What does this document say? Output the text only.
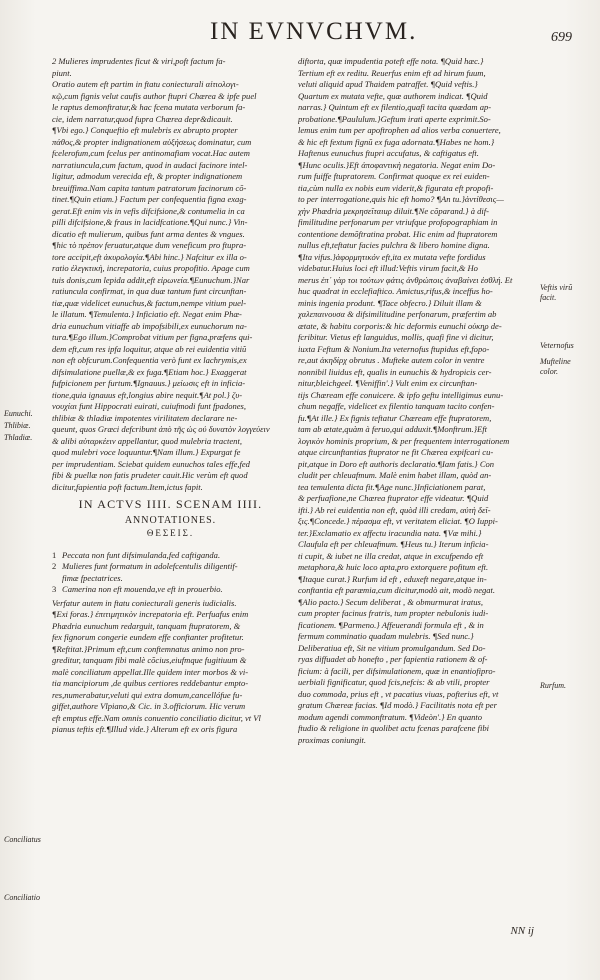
IN EVNVCHVM.	699
Eunuchi.
Thlibiæ.
Thladiæ.
Conciliatus
Conciliatio
Veftis virũ facit.
Veternofus
Mufteline color.
Rurfum.
2 Mulieres imprudentes ficut & viri,poft factum fa-
piunt.
Oratio autem eft partim in ftatu coniecturali αἰτιολογι-
κῷ,cum fignis velut caufis author ftupri Chærea & ipfe puel
le raptus demonftratur,& hac fcena mutata verborum fa-
cie, idem narratur,quod fupra Chærea depr&dicauit.
¶Vbi ego.} Conqueftio eft mulebris ex abrupto propter
πάθος,& propter indignationem αὐξήσεως dominatur, cum
fcelerofum,cum fcelus per antinomafiam vocat.Hac autem
narratiuncula,cum factum, quod in audaci facinore intel-
ligitur, admodum verecida eft, & propter indignationem
breuiffima.Nam capita tantum patratorum facinorum cõ-
tinet.¶Quin etiam.} Factum per confequentia figna exag-
gerat.Eft enim vis in vefis difcifsione,& contumelia in ca
pilli difcifsione,& fraus in lacidfcatione.¶Qui nunc.} Vin-
dicatio eft mulierum, quibus funt arma dentes & vngues.
¶hic τὸ πρέπον feruatur,atque dum veneficum pro ftupra-
tore accipit,eft ἀκυρολογία.¶Abi hinc.} Nafcitur ex illa o-
ratio ἐλεγκτικὴ, increpatoria, cuius propofitio. Apage cum
tuis donis,cum lepida addit,eft εἰρωνεία.¶Eunuchum.}Nar
ratiuncula confirmat, in qua duæ tantum funt circunftan-
tiæ,quæ videlicet eunuchus,& factum,nempe vitium puel-
le illatum. ¶Temulenta.} Inficiatio eft. Negat enim Phæ-
dria eunuchum vitiaffe ab impofsibili,ex eunuchorum na-
tura.¶Ego illum.}Comprobat vitium per figna,præfens qui-
dem eft,cum res ipfa loquitur, atque ab rei euidentia vitiũ
non eft obfcurum.Confequentia verò funt ex lachrymis,ex
difsimulatione puellæ,& ex fuga.¶Etiam hoc.} Exaggerat
fufpicionem per furtum.¶Ignauus.} μείωσις eft in inficia-
tione,quia ignauus eft,longius abire nequit.¶At pol.} ζυ-
νουχίαι funt Hippocrati euirati, cuiufmodi funt fpadones,
thlibiæ & thladiæ impotentes virilitatem declarare ne-
queunt, quos Græci defcribunt ἀπὸ τῆς ὠς οὐ δυνατὸν λογγεύειν
& alibi αὐταρκέειν appellantur, quod mulebria tractent,
quod mulebri voce loquuntur.¶Nam illum.} Expurgat fe
per imprudentiam. Sciebat quidem eunuchos tales effe,fed
fibi & puellæ non fatis prudeter cauit.Hic verùm eft quod
dicitur,fapientia poft factum.Item,ictus fapit.
IN ACTVS IIII. SCENAM IIII.
ANNOTATIONES.
ΘΕΣΕΙΣ.
1 Peccata non funt difsimulanda,fed caftiganda.
2 Mulieres funt formatum in adolefcentulis diligentif-
fimæ fpectatrices.
3 Camerina non eft mouenda,ve eft in prouerbio.
Verfatur autem in ftatu coniecturali generis iudicialis.
¶Exi foras.} ἐπιτιμητικὸν increpatoria eft. Perfuafus enim
Phædria eunuchum redarguit, tanquam ftupratorem, &
fex fignorum congerie eundem effe conftanter profitetur.
¶Reftitat.}Primum eft,cum conftemnatus animo non pro-
greditur, tanquam fibi malè cõcius,eiufmque fugitiuum &
malè conciliatum appellat.Ille quidem inter morbos & vi-
tia mancipiorum ,de quibus certiores reddebantur empto-
res,numerabatur,veluti qui extra domum,cancellófue fu-
giffet,authore Vlpiano,& Cic. in 3.officiorum. Hic verum
eft emptus effe.Nam omnis conuentio conciliatio dicitur, vt Vl
pianus teftis eft.¶Illud vide.} Alterum eft ex oris figura
diftorta, quæ impudentia poteft effe nota. ¶Quid hæc.}
Tertium eft ex reditu. Reuerfus enim eft ad hirum fuum,
veluti aliquid apud Thaidem patraffet. ¶Quid veftis.}
Quartum ex mutata vefte, quæ authorem indicat. ¶Quid
narras.} Quintum eft ex filentio,quafi tacita quædam ap-
probatione.¶Paululum.}Geftum irati aperte exprimit.So-
lemus enim tum per apoftrophen ad alios verba conuertere,
& hic eft fextum fignũ ex fuga adornata.¶Habes ne hom.}
Haftenus eunuchus ftupri accufatus, & caftigatus eft.
¶Hunc oculis.}Eft ἀποφαντικὴ negatoria. Negat enim Do-
rum fuiffe ftupratorem. Confirmat quoque ex rei euiden-
tia,cùm nulla ex nobis eum viderit,& figurata eft propofi-
to per interrogatione,quis hic eft homo? ¶An tu.}ἀντίθεσις—
χὴν Phædria μεκρησεῖταιuρ diluit.¶Ne cõparand.} à dif-
fimilitudine perfonarum per vtriufque profopographiam in
contentione demõftratina probat. Hic enim ad ftupratorem
nullus eft,teftatur facies pulchra & libero homine digna.
¶Ita vifus.}ἀφορμητικόν eft,ita ex mutata vefte fordidus
videbatur.Huius loci eft illud:Veftis virum facit,& Ho
merus ἐπ᾽ γὰρ τοι τούτων φάτις ἀνθρώποις ἀναβαίνει ἐσθλή. Et
huc quadrat in ecclefiaftico. Amictus,rifus,& inceffus ho-
minis ingenia produnt. ¶Tace obfecro.} Diluit illam &
χαλεπαινουσα & difsimilitudine perfonarum, præfertim ab
ætate, & habitu corporis:& hic deformis eunuchi οὐκηρ de-
fcribitur. Vietus eft languidus, mollis, quafi fine vi dicitur,
iuxta Feftum & Nonium.Ita veternofus ftupidus eft,fopo-
re,aut ἀκηδίρχ obrutus . Mufteke autem color in ventre
nonnibil liuidus eft, qualis in eunuchis & hydropicis cer-
nitur,bleichgeel. ¶Veniffin'.} Vult enim ex circunftan-
tijs Chæream effe conuicere. & ipfo geftu intelligimus eunu-
chum negaffe, videlicet ex filentio tanquam tacito confen-
fu.¶At ille.} Ex fignis teftatur Chæream effe ftupratorem,
tam ab ætate,quàm à feruo,qui adduxit.¶Monftrum.}Eft
λογικὸν hominis proprium, & per frequentem interrogationem
atque circunftantias ftuprator ne fit Chærea expifcari cu-
pit,atque in Doro eft authoris declaratio.¶Iam fatis.} Con
cludit per chleuafmum. Malè enim habet illam, quòd an-
tea temulenta dicta fit.¶Age nunc.}Inficiationem parat,
& perfuafione,ne Chærea ftuprator effe videatur. ¶Quid
ifti.} Ab rei euidentia non eft, quòd illi credam, αὐτὴ δεῖ-
ξις.¶Concede.} πέρασμα eft, vt veritatem eliciat. ¶O Iuppi-
ter.}Exclamatio ex affectu iracundia nata. ¶Væ mihi.}
Claufula eft per chleuafmum. ¶Heus tu.} Iterum inficia-
ti cupit, & iubet ne illa credat, atque in excufpendo eft
metaphora,& huic loco apta,pro extorquere pofitum eft.
¶Itaque curat.} Rurfum id eft , eduxeft negare,atque in-
conftantia eft paræmia,cum dicitur,modò ait, modò negat.
¶Alio pacto.} Secum deliberat , & obmurmurat iratus,
cum propter facinus fratris, tum propter nebulonis iudi-
ficationem. ¶Parmeno.} Affeuerandi formula eft , & in
fermum comminatio quadam mulebris. ¶Sed nunc.}
Deliberatiua eft, Sit ne vitium promulgandum. Sed Do-
ryas diffuadet ab honefto , per fapientia rationem & of-
ficium: à facili, per difsimulationem, quæ in enantiofipro-
uerbiali fignificatur, quod fcis,nefcis: & ab vtili, propter
duo commoda, prius eft , vt pacatius viuas, pofterius eft, vt
gratum Chæreæ facias. ¶Id modò.} Facilitatis nota eft per
modum agendi commonftratum. ¶Videòn'.} En quanto
ftudio & religione in quolibet actu fcenas parafcene fibi
proximas coniungit.
NN ij
